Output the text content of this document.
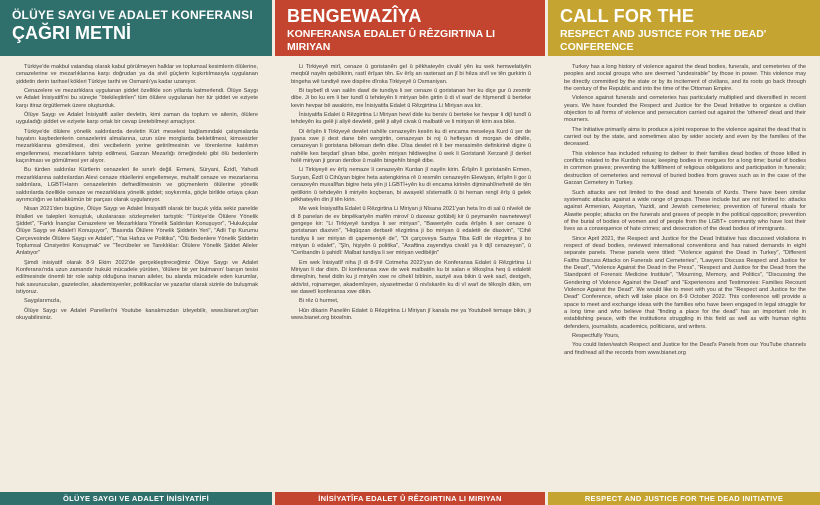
ÖLÜYE SAYGI VE ADALET KONFERANSI
ÇAĞRI METNİ

Türkiye'de makbul vatandaş olarak kabul görülmeyen halklar ve toplumsal kesimlerin ölülerine, cenazelerine ve mezarlıklarına karşı doğrudan ya da sivil güçlerin kışkırtılmasıyla uygulanan şiddetin derin tarihsel kökleri Türkiye tarihi ve Osmanlı'ya kadar uzanıyor.

Cenazelere ve mezarlıklara uygulanan şiddet özellikle son yıllarda katmerlendi. Ölüye Saygı ve Adalet İnisiyatifi'ni bu süreçte "ötekileştirilen" tüm ölülere uygulanan her tür şiddet ve eziyete karşı itiraz örgütlemek üzere oluşturduk.

Ölüye Saygı ve Adalet İnisiyatifi asiler devletin, kimi zaman da toplum ve ailenin, ölülere uyguladığı şiddet ve eziyete karşı ortak bir cevap üretebilmeyi amaçlıyor.

Türkiye'de ölülere yönelik saldırılarda devletin Kürt meselesi bağlamındaki çatışmalarda hayatını kaybedenlerin cenazelerini almalarına, uzun süre morglarda bekletilmesi, kimsesizler mezarlıklarına gömülmesi, dini vecibelerin yerine getirilmesinin ve törenlerine katılımın engellenmesi, mezarlıkların tahrip edilmesi, Garzan Mezarlığı örneğindeki gibi ölü bedenlerin kaçırılması ve gömülmesi yer alıyor.

Bu türden saldırılar Kürtlerin cenazeleri ile sınırlı değil. Ermeni, Süryani, Êzidî, Yahudi mezarlıklarına saldırılardan Alevi cenaze ritüellerini engellemeye, muhalif cenaze ve mezarlarına saldırılara, LGBTİ+ların cenazelerinin defnedilmesinin ve göçmenlerin ölülerine yönelik saldırılarda özellikle cenaze ve mezarlıklara yönelik şiddet; soykırımla, göçle birlikte ortaya çıkan ayrımcılığın ve tahakkümün bir parçası olarak uygulanıyor.

Nisan 2021'den bugüne, Ölüye Saygı ve Adalet İnisiyatifi olarak bir buçuk yılda sekiz panelde ihlalleri ve talepleri konuştuk, uluslararası sözleşmeleri tartıştık: "Türkiye'de Ölülere Yönelik Şiddet", "Farklı İnançlar Cenazelere ve Mezarlıklara Yönelik Saldırıları Konuşuyor", "Hukukçular Ölüye Saygı ve Adalet'i Konuşuyor", "Basında Ölülere Yönelik Şiddetin Yeri", "Adli Tıp Kurumu Çerçevesinde Ölülere Saygı ve Adalet", "Yas Hafıza ve Politika", "Ölü Bedenlere Yönelik Şiddetin Toplumsal Cinsiyetini Konuşmak" ve "Tecrübeler ve Tanıklıklar: Ölülere Yönelik Şiddet Aileler Anlatıyor"

Şimdi inisiyatif olarak 8-9 Ekim 2022'de gerçekleştireceğimiz Ölüye Saygı ve Adalet Konferansı'nda uzun zamandır hukuki mücadele yürüten, 'ölülere bir yer bulmanın' barışın tesisi edilmesinde önemli bir role sahip olduğuna inanan aileler, bu alanda mücadele eden kurumlar, hak savunucuları, gazeteciler, akademisyenler, politikacılar ve yazarlar olarak sizinle de buluşmak istiyoruz.

Saygılarımızla,

Ölüye Saygı ve Adalet Panelleri'ni Youtube kanalımızdan izleyebilir, www.bianet.org'tan okuyabilirsiniz.

ÖLÜYE SAYGI VE ADALET İNİSİYATİFİ
BENGEWAZÎYA
KONFERANSA EDALET Û RÊZGIRTINA LI MIRIYAN

Li Tirkiyeyê mirî, cenaze û goristanên gel û pêkhateyên civakî yên ku wek hemwelatiyên meqbûl nayên qebûlkirin, rastî êrîşan tên. Ev êrîş an rasterast an jî bi hêza sivîl ve tên gurkirin û bingeha wê tundiyê xwe dispêre dîroka Tirkiyeyê û Osmaniyan.

Bi taybetî di van salên dawî de tundiya li ser cenaze û goristanan her ku diçe gur û zexmtir dibe. Ji bo ku em li ber tundî û tehdeyên li miriyan bên girtin û di vî warî de hîşmendî û berteke kevin hevpar bê awakirin, me İnisiyatifa Edalet û Rêzgirtina Li Miriyan ava kir.

İnisiyatifa Edalet û Rêzgirtina Li Miriyan hewl dide ku bersiv û berteke ke hevpar li dijî tundî û tehdeyên ku gelê ji aliyê dewletê, gelê ji aliyê civak û malbatê ve li miriyan tê kirin ava bike.

Di êrîşên li Tirkiyeyê dewlet nahêle cenazeyên kesên ku di encama meseleya Kurd û şer de jiyana xwe ji dest dane bên wergirtin, cenazeyan bi roj û hefteyan di morgan de dihêle, cenazeyan li goristana bêkesan defin dike. Dîsa dewlet rê li ber merasimên definkirinê digire û nahêle kes beşdarî şînan bibe, gorên miriyan hildiweşîne û wek li Goristanê Xerzanê jî derket holê miriyan ji goran derdixe û malên bingehîn bingê dibe.

Li Tirkiyeyê ev êrîş nemaze li cenazeyên Kurdan jî nayên kirin. Êrîşên li goristanên Ermen, Suryan, Êzdî û Cihûyan bigire heta astengkirina rê û resmên cenazeyên Elewiyan, êrîşên li gor û cenazeyên muxalîfan bigire heta yên ji LGBTİ+yên ku di encama kirinên dijminahî/nefretê de tên qetilkirin û tehdeyên li miriyên koçberan, bi awayekî sîstematîk û bi heman rengî êrîş û gelek pêkhateyên din jî tên kirin.

Me wek İnisiyatîfa Edalet û Rêzgirtina Li Miriyan ji Nîsana 2021'yan heta îro di sal û nîvekê de di 8 panelan de ev binpêkariyên mafên mirovî û daxwaz gotûbêj kir û peymanên navneteweyî gengeşe kir: "Li Tirkiyeyê tundiya li ser miriyan", "Baweriyên cuda êrîşên li ser cenaze û goristanan diaxivin", "Hiqûqzan derbarê rêzgirtina ji bo miriyan û edaletê de diaxivin", "Cihê tundiya li ser miriyan di çapemeniyê de", "Di çarçoveya Saziya Tiba Edlî de rêzgirtina ji bo miriyan û edalet", "Şîn, hişiyên û politika", "Axaftina zayendiya civakî ya li dijî cenazeyan", û "Ceribandin û şahidî: Malbat tundiya li ser miriyan vedibêjin"

Em wek İnisiyatîf niha jî di 8-9'ê Cotmeha 2022'yan de Konferansa Edalet û Rêzgirtina Li Miriyan li dar dixin. Di konferansa xwe de wek malbatên ku bi salan e têkoşîna heq û edaletê dimeşînin, hewl didin ku ji miriyên xwe re cihekî bibînin, saziyê ava bikin û wek sazî, destgeh, aktivîst, rojnameger, akademîsyen, siyasetmedar û nivîskarên ku di vî warî de têkoşîn dikin, em we dawetî konferansa xwe dikin.

Bi rêz û hurmet,

Hûn dikarin Panelên Edalet û Rêzgirtina Li Miriyan jî kanala me ya Youtubeê temaşe bikin, ji www.bianet.org bixwînin.

İNİSİYATÎFA EDALET Û RÊZGIRTINA LI MIRIYAN
CALL FOR THE
RESPECT AND JUSTICE FOR THE DEAD' CONFERENCE

Turkey has a long history of violence against the dead bodies, funerals, and cemeteries of the peoples and social groups who are deemed "undesirable" by those in power. This violence may be directly committed by the state or by its incitement of civilians, and its roots go back through the century of the Republic and into the time of the Ottoman Empire.

Violence against funerals and cemeteries has particularly multiplied and diversified in recent years. We have founded the Respect and Justice for the Dead Initiative to organize a civilian objection to all forms of violence and persecution carried out against the 'othered' dead and their mourners.

The Initiative primarily aims to produce a joint response to the violence against the dead that is carried out by the state, and sometimes also by wider society and even by the families of the deceased.

This violence has included refusing to deliver to their families dead bodies of those killed in conflicts related to the Kurdish issue; keeping bodies in morgues for a long time; burial of bodies in common graves; preventing the fulfillment of religious obligations and participation in funerals; destruction of cemeteries and removal of buried bodies from graves such as in the case of the Garzan Cemetery in Turkey.

Such attacks are not limited to the dead and funerals of Kurds. There have been similar systematic attacks against a wide range of groups. These include but are not limited to: attacks against Armenian, Assyrian, Yazidi, and Jewish cemeteries; prevention of funeral rituals for Alawite people; attacks on the funerals and graves of people in the political opposition; prevention of the burial of bodies of women and of people from the LGBT+ community who have lost their lives as a consequence of hate crimes; and desecration of the dead bodies of immigrants.

Since April 2021, the Respect and Justice for the Dead Initiative has discussed violations in respect of dead bodies, reviewed international conventions and has raised demands in eight separate panels. These panels were titled: "Violence against the Dead in Turkey", "Different Faiths Discuss Attacks on Funerals and Cemeteries", "Lawyers Discuss Respect and Justice for the Dead", "Violence Against the Dead in the Press", "Respect and Justice for the Dead from the Standpoint of Forensic Medicine Institute", "Mourning, Memory, and Politics", "Discussing the Gendering of Violence Against the Dead" and "Experiences and Testimonies: Families Recount Violence Against the Dead". We would like to meet with you at the "Respect and Justice for the Dead" Conference, which will take place on 8-9 October 2022. This conference will provide a space to meet and exchange ideas with the families who have been engaged in legal struggle for a long time and who believe that "finding a place for the dead" has an important role in establishing peace, with the institutions struggling in this field as well as with human rights defenders, journalists, academics, politicians, and writers.

Respectfully Yours,

You could listen/watch Respect and Justice for the Dead's Panels from our YouTube channels and find/read all the records from www.bianet.org

RESPECT AND JUSTICE FOR THE DEAD INITIATIVE
